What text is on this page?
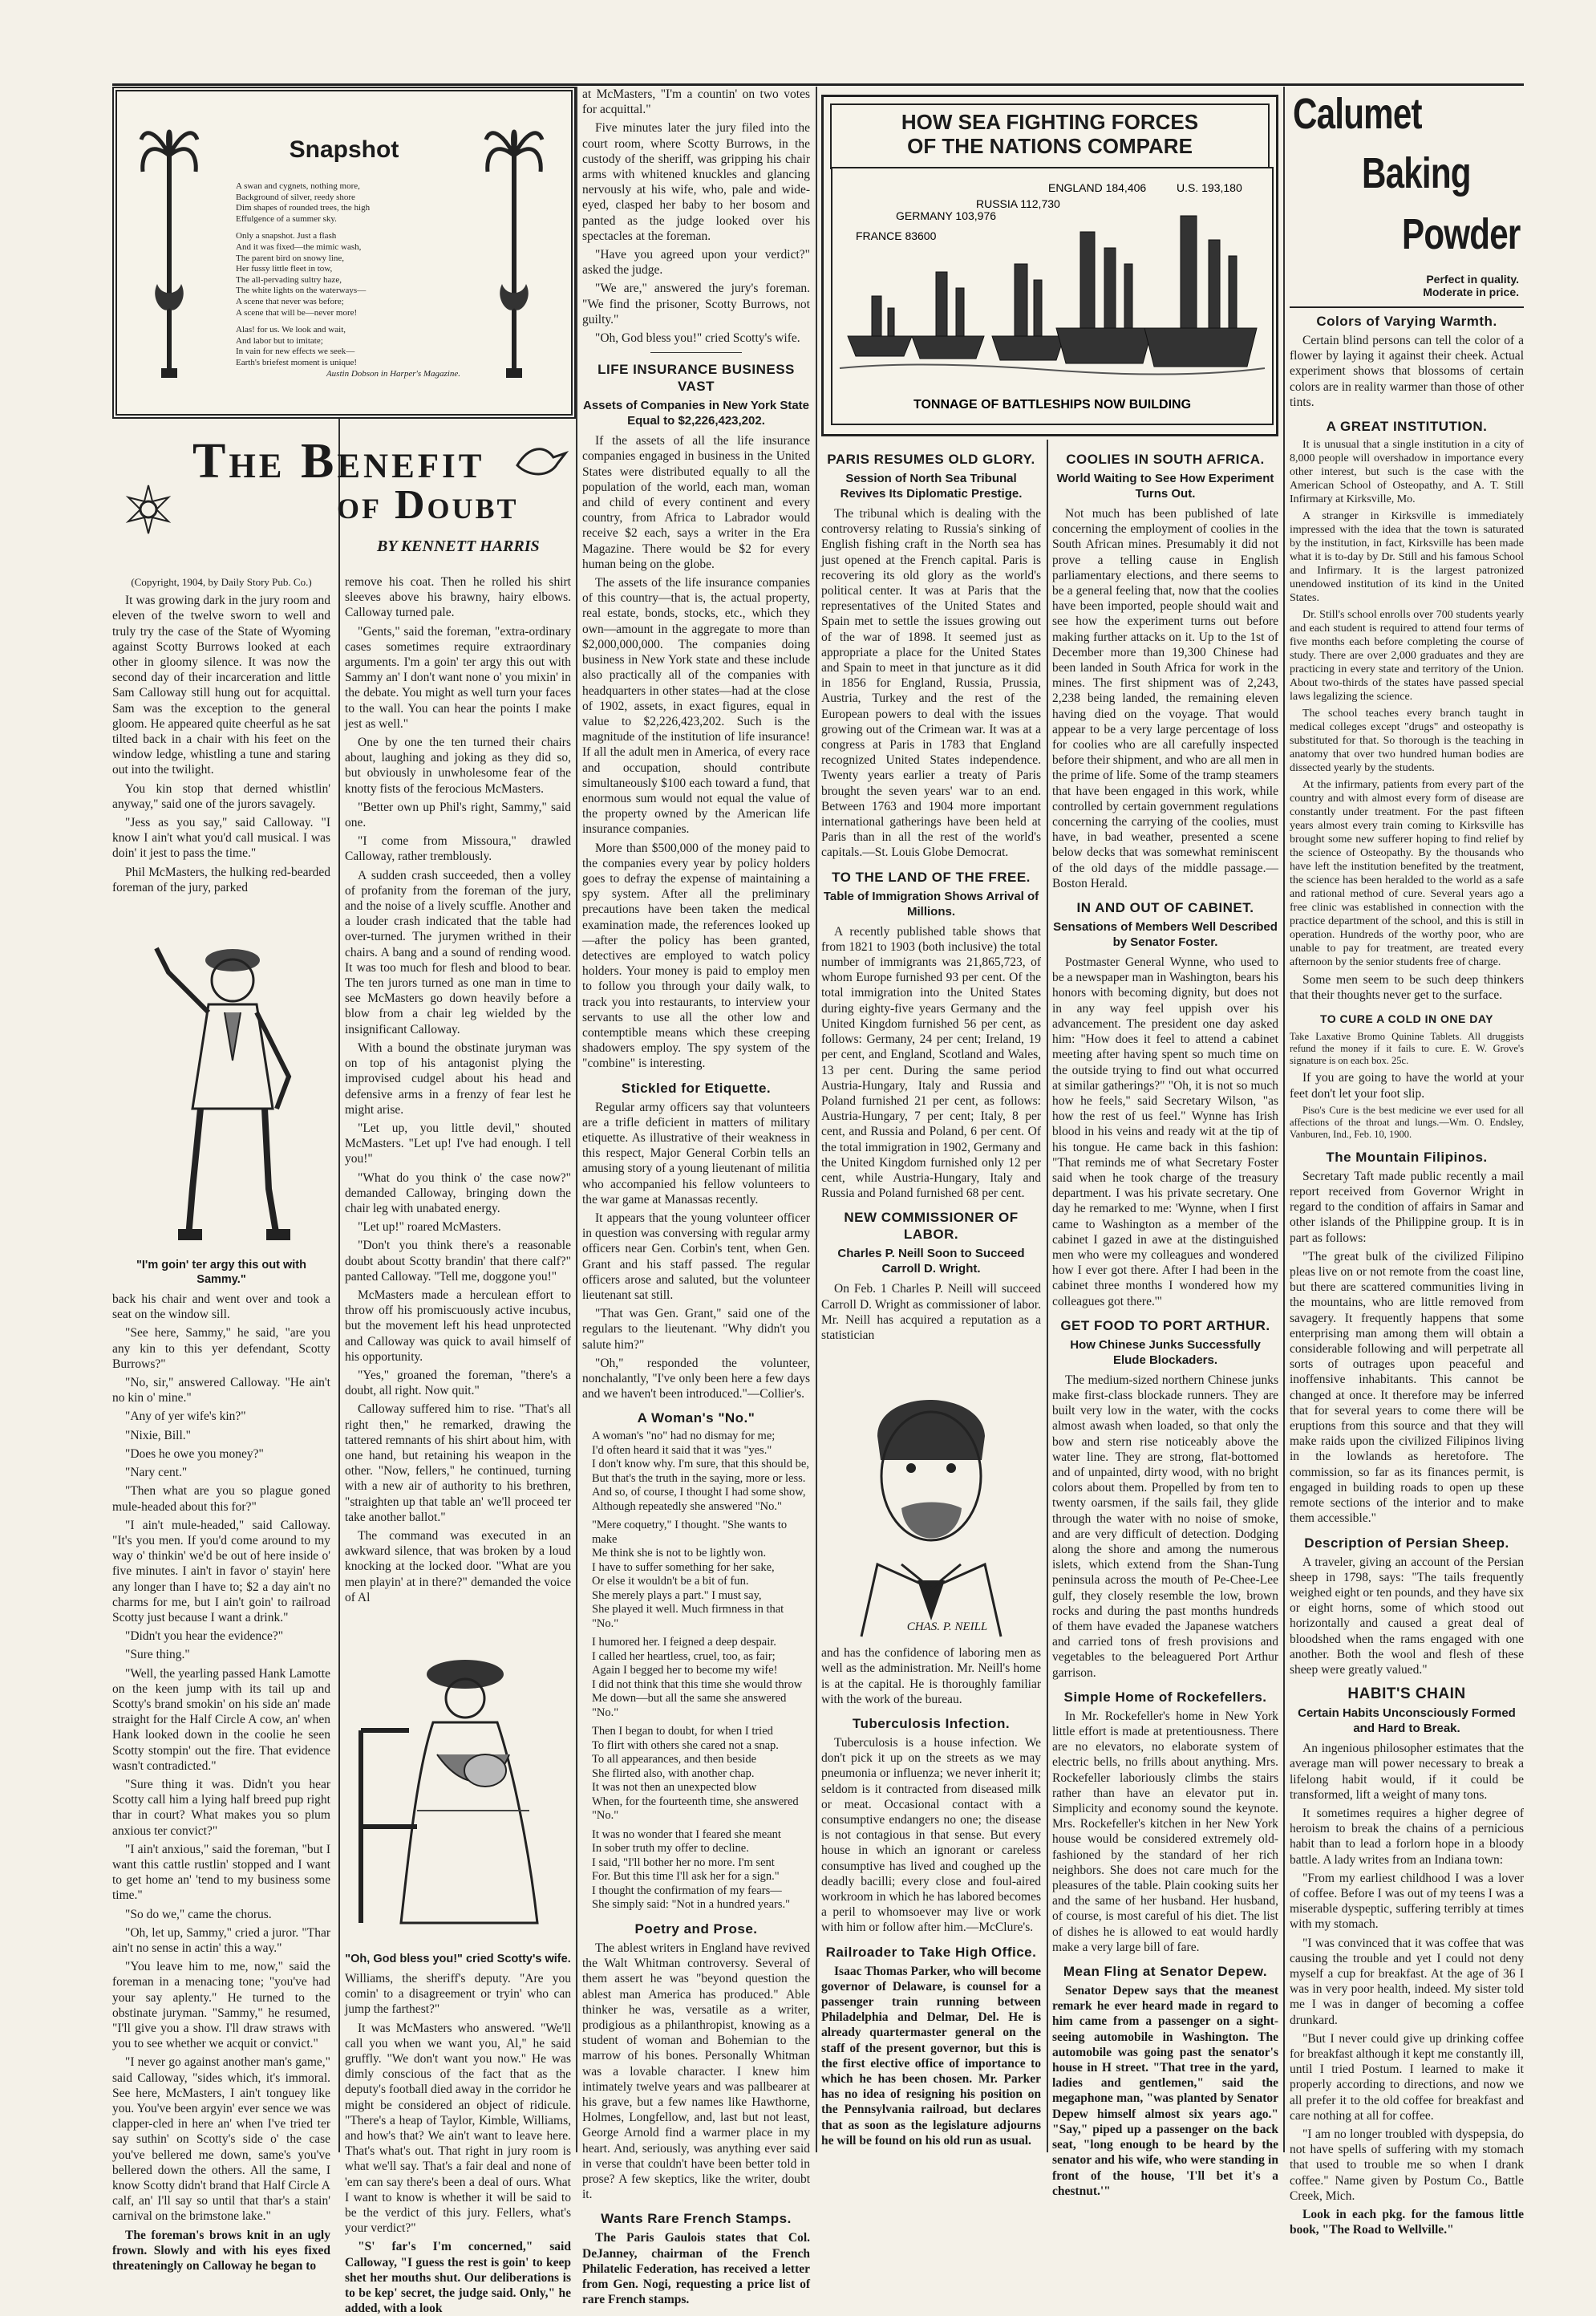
Snapshot
A swan and cygnets, nothing more,
Background of silver, reedy shore
Dim shapes of rounded trees, the high
Effulgence of a summer sky.
Only a snapshot. Just a flash
And it was fixed—the mimic wash,
The parent bird on snowy line,
Her fussy little fleet in tow,
The all-pervading sultry haze,
The white lights on the waterways—
A scene that never was before;
A scene that will be—never more!
Alas! for us. We look and wait,
And labor but to imitate;
In vain for new effects we seek—
Earth's briefest moment is unique!
Austin Dobson in Harper's Magazine.
The Benefit
of Doubt
BY KENNETT HARRIS

(Copyright, 1904, by Daily Story Pub. Co.)

It was growing dark in the jury room and eleven of the twelve sworn to well and truly try the case of the State of Wyoming against Scotty Burrows looked at each other in gloomy silence. It was now the second day of their incarceration and little Sam Calloway still hung out for acquittal. Sam was the exception to the general gloom. He appeared quite cheerful as he sat tilted back in a chair with his feet on the window ledge, whistling a tune and staring out into the twilight.

You kin stop that derned whistlin' anyway," said one of the jurors savagely.

"Jess as you say," said Calloway. "I know I ain't what you'd call musical. I was doin' it jest to pass the time."

Phil McMasters, the hulking red-bearded foreman of the jury, parked

"I'm goin' ter argy this out with Sammy."

back his chair and went over and took a seat on the window sill.

"See here, Sammy," he said, "are you any kin to this yer defendant, Scotty Burrows?"

"No, sir," answered Calloway. "He ain't no kin o' mine."

"Any of yer wife's kin?"

"Nixie, Bill."

"Does he owe you money?"

"Nary cent."

"Then what are you so plague goned mule-headed about this for?"

"I ain't mule-headed," said Calloway. "It's you men. If you'd come around to my way o' thinkin' we'd be out of here inside o' five minutes. I ain't in favor o' stayin' here any longer than I have to; $2 a day ain't no charms for me, but I ain't goin' to railroad Scotty just because I want a drink."

"Didn't you hear the evidence?"

"Sure thing."

"Well, the yearling passed Hank Lamotte on the keen jump with its tail up and Scotty's brand smokin' on his side an' made straight for the Half Circle A cow, an' when Hank looked down in the coolie he seen Scotty stompin' out the fire. That evidence wasn't contradicted."

"Sure thing it was. Didn't you hear Scotty call him a lying half breed pup right thar in court? What makes you so plum anxious ter convict?"

"I ain't anxious," said the foreman, "but I want this cattle rustlin' stopped and I want to get home an' 'tend to my business some time."

"So do we," came the chorus.

"Oh, let up, Sammy," cried a juror. "Thar ain't no sense in actin' this a way."

"You leave him to me, now," said the foreman in a menacing tone; "you've had your say aplenty." He turned to the obstinate juryman. "Sammy," he resumed, "I'll give you a show. I'll draw straws with you to see whether we acquit or convict."

"I never go against another man's game," said Calloway, "sides which, it's immoral. See here, McMasters, I ain't tonguey like you. You've been argyin' ever sence we was clapper-cled in here an' when I've tried ter say suthin' on Scotty's side o' the case you've bellered me down, same's you've bellered down the others. All the same, I know Scotty didn't brand that Half Circle A calf, an' I'll say so until that thar's a stain' carnival on the brimstone lake."

The foreman's brows knit in an ugly frown. Slowly and with his eyes fixed threateningly on Calloway he began to

remove his coat. Then he rolled his shirt sleeves above his brawny, hairy elbows. Calloway turned pale.

"Gents," said the foreman, "extra-ordinary cases sometimes require extraordinary arguments. I'm a goin' ter argy this out with Sammy an' I don't want none o' you mixin' in the debate. You might as well turn your faces to the wall. You can hear the points I make jest as well."

One by one the ten turned their chairs about, laughing and joking as they did so, but obviously in unwholesome fear of the knotty fists of the ferocious McMasters.

"Better own up Phil's right, Sammy," said one.

"I come from Missoura," drawled Calloway, rather tremblously.

A sudden crash succeeded, then a volley of profanity from the foreman of the jury, and the noise of a lively scuffle. Another and a louder crash indicated that the table had over-turned. The jurymen writhed in their chairs. A bang and a sound of rending wood. It was too much for flesh and blood to bear. The ten jurors turned as one man in time to see McMasters go down heavily before a blow from a chair leg wielded by the insignificant Calloway.

With a bound the obstinate juryman was on top of his antagonist plying the improvised cudgel about his head and defensive arms in a frenzy of fear lest he might arise.

"Let up, you little devil," shouted McMasters. "Let up! I've had enough. I tell you!"

"What do you think o' the case now?" demanded Calloway, bringing down the chair leg with unabated energy.

"Let up!" roared McMasters.

"Don't you think there's a reasonable doubt about Scotty brandin' that there calf?" panted Calloway. "Tell me, doggone you!"

McMasters made a herculean effort to throw off his promiscuously active incubus, but the movement left his head unprotected and Calloway was quick to avail himself of his opportunity.

"Yes," groaned the foreman, "there's a doubt, all right. Now quit."

Calloway suffered him to rise. "That's all right then," he remarked, drawing the tattered remnants of his shirt about him, with one hand, but retaining his weapon in the other. "Now, fellers," he continued, turning with a new air of authority to his brethren, "straighten up that table an' we'll proceed ter take another ballot."

The command was executed in an awkward silence, that was broken by a loud knocking at the locked door. "What are you men playin' at in there?" demanded the voice of Al

"Oh, God bless you!" cried Scotty's wife.

Williams, the sheriff's deputy. "Are you comin' to a disagreement or tryin' who can jump the farthest?"

It was McMasters who answered. "We'll call you when we want you, Al," he said gruffly. "We don't want you now." He was dimly conscious of the fact that as the deputy's football died away in the corridor he might be considered an object of ridicule. "There's a heap of Taylor, Kimble, Williams, and how's that? We ain't want to leave here. That's what's out. That right in jury room is what we'll say. That's a fair deal and none of 'em can say there's been a deal of ours. What I want to know is whether it will be said to be the verdict of this jury. Fellers, what's your verdict?"

"S' far's I'm concerned," said Calloway, "I guess the rest is goin' to keep shet her mouths shut. Our deliberations is to be kep' secret, the judge said. Only," he added, with a look

at McMasters, "I'm a countin' on two votes for acquittal."

Five minutes later the jury filed into the court room, where Scotty Burrows, in the custody of the sheriff, was gripping his chair arms with whitened knuckles and glancing nervously at his wife, who, pale and wide-eyed, clasped her baby to her bosom and panted as the judge looked over his spectacles at the foreman.

"Have you agreed upon your verdict?" asked the judge.

"We are," answered the jury's foreman. "We find the prisoner, Scotty Burrows, not guilty."

"Oh, God bless you!" cried Scotty's wife.

LIFE INSURANCE BUSINESS VAST
Assets of Companies in New York State Equal to $2,226,423,202.

If the assets of all the life insurance companies engaged in business in the United States were distributed equally to all the population of the world, each man, woman and child of every continent and every country, from Africa to Labrador would receive $2 each, says a writer in the Era Magazine. There would be $2 for every human being on the globe.

The assets of the life insurance companies of this country—that is, the actual property, real estate, bonds, stocks, etc., which they own—amount in the aggregate to more than $2,000,000,000. The companies doing business in New York state and these include also practically all of the companies with headquarters in other states—had at the close of 1902, assets, in exact figures, equal in value to $2,226,423,202. Such is the magnitude of the institution of life insurance! If all the adult men in America, of every race and occupation, should contribute simultaneously $100 each toward a fund, that enormous sum would not equal the value of the property owned by the American life insurance companies.

More than $500,000 of the money paid to the companies every year by policy holders goes to defray the expense of maintaining a spy system. After all the preliminary precautions have been taken the medical examination made, the references looked up—after the policy has been granted, detectives are employed to watch policy holders. Your money is paid to employ men to follow you through your daily walk, to track you into restaurants, to interview your servants to use all the other low and contemptible means which these creeping shadowers employ. The spy system of the "combine" is interesting.

Stickled for Etiquette.

Regular army officers say that volunteers are a trifle deficient in matters of military etiquette. As illustrative of their weakness in this respect, Major General Corbin tells an amusing story of a young lieutenant of militia who accompanied his fellow volunteers to the war game at Manassas recently.

It appears that the young volunteer officer in question was conversing with regular army officers near Gen. Corbin's tent, when Gen. Grant and his staff passed. The regular officers arose and saluted, but the volunteer lieutenant sat still.

"That was Gen. Grant," said one of the regulars to the lieutenant. "Why didn't you salute him?"

"Oh," responded the volunteer, nonchalantly, "I've only been here a few days and we haven't been introduced."—Collier's.

A Woman's "No."
A woman's "no" had no dismay for me;
I'd often heard it said that it was "yes."
I don't know why. I'm sure, that this should be,
But that's the truth in the saying, more or less.
And so, of course, I thought I had some show,
Although repeatedly she answered "No."
"Mere coquetry," I thought. "She wants to make
Me think she is not to be lightly won.
I have to suffer something for her sake,
Or else it wouldn't be a bit of fun.
She merely plays a part." I must say,
She played it well. Much firmness in that "No."
I humored her. I feigned a deep despair.
I called her heartless, cruel, too, as fair;
Again I begged her to become my wife!
I did not think that this time she would throw
Me down—but all the same she answered "No."
Then I began to doubt, for when I tried
To flirt with others she cared not a snap.
To all appearances, and then beside
She flirted also, with another chap.
It was not then an unexpected blow
When, for the fourteenth time, she answered "No."
It was no wonder that I feared she meant
In sober truth my offer to decline.
I said, "I'll bother her no more. I'm sent
For. But this time I'll ask her for a sign."
I thought the confirmation of my fears—
She simply said: "Not in a hundred years."
Poetry and Prose.

The ablest writers in England have revived the Walt Whitman controversy. Several of them assert he was "beyond question the ablest man America has produced." Able thinker he was, versatile as a writer, prodigious as a philanthropist, knowing as a student of woman and Bohemian to the marrow of his bones. Personally Whitman was a lovable character. I knew him intimately twelve years and was pallbearer at his grave, but a few names like Hawthorne, Holmes, Longfellow, and, last but not least, George Arnold find a warmer place in my heart. And, seriously, was anything ever said in verse that couldn't have been better told in prose? A few skeptics, like the writer, doubt it.

Wants Rare French Stamps.

The Paris Gaulois states that Col. DeJanney, chairman of the French Philatelic Federation, has received a letter from Gen. Nogi, requesting a price list of rare French stamps.

HOW SEA FIGHTING FORCES
OF THE NATIONS COMPARE
FRANCE 83600
GERMANY 103,976
RUSSIA 112,730
ENGLAND 184,406	U.S. 193,180
TONNAGE OF BATTLESHIPS NOW BUILDING
PARIS RESUMES OLD GLORY.
Session of North Sea Tribunal Revives Its Diplomatic Prestige.

The tribunal which is dealing with the controversy relating to Russia's sinking of English fishing craft in the North sea has just opened at the French capital. Paris is recovering its old glory as the world's political center. It was at Paris that the representatives of the United States and Spain met to settle the issues growing out of the war of 1898. It seemed just as appropriate a place for the United States and Spain to meet in that juncture as it did in 1856 for England, Russia, Prussia, Austria, Turkey and the rest of the European powers to deal with the issues growing out of the Crimean war. It was at a congress at Paris in 1783 that England recognized United States independence. Twenty years earlier a treaty of Paris brought the seven years' war to an end. Between 1763 and 1904 more important international gatherings have been held at Paris than in all the rest of the world's capitals.—St. Louis Globe Democrat.

TO THE LAND OF THE FREE.
Table of Immigration Shows Arrival of Millions.

A recently published table shows that from 1821 to 1903 (both inclusive) the total number of immigrants was 21,865,723, of whom Europe furnished 93 per cent. Of the total immigration into the United States during eighty-five years Germany and the United Kingdom furnished 56 per cent, as follows: Germany, 24 per cent; Ireland, 19 per cent, and England, Scotland and Wales, 13 per cent. During the same period Austria-Hungary, Italy and Russia and Poland furnished 21 per cent, as follows: Austria-Hungary, 7 per cent; Italy, 8 per cent, and Russia and Poland, 6 per cent. Of the total immigration in 1902, Germany and the United Kingdom furnished only 12 per cent, while Austria-Hungary, Italy and Russia and Poland furnished 68 per cent.

NEW COMMISSIONER OF LABOR.
Charles P. Neill Soon to Succeed Carroll D. Wright.

On Feb. 1 Charles P. Neill will succeed Carroll D. Wright as commissioner of labor. Mr. Neill has acquired a reputation as a statistician

CHAS. P. NEILL

and has the confidence of laboring men as well as the administration. Mr. Neill's home is at the capital. He is thoroughly familiar with the work of the bureau.

Tuberculosis Infection.

Tuberculosis is a house infection. We don't pick it up on the streets as we may pneumonia or influenza; we never inherit it; seldom is it contracted from diseased milk or meat. Occasional contact with a consumptive endangers no one; the disease is not contagious in that sense. But every house in which an ignorant or careless consumptive has lived and coughed up the deadly bacilli; every close and foul-aired workroom in which he has labored becomes a peril to whomsoever may live or work with him or follow after him.—McClure's.

Railroader to Take High Office.

Isaac Thomas Parker, who will become governor of Delaware, is counsel for a passenger train running between Philadelphia and Delmar, Del. He is already quartermaster general on the staff of the present governor, but this is the first elective office of importance to which he has been chosen. Mr. Parker has no idea of resigning his position on the Pennsylvania railroad, but declares that as soon as the legislature adjourns he will be found on his old run as usual.

COOLIES IN SOUTH AFRICA.
World Waiting to See How Experiment Turns Out.

Not much has been published of late concerning the employment of coolies in the South African mines. Presumably it did not prove a telling cause in English parliamentary elections, and there seems to be a general feeling that, now that the coolies have been imported, people should wait and see how the experiment turns out before making further attacks on it. Up to the 1st of December more than 19,300 Chinese had been landed in South Africa for work in the mines. The first shipment was of 2,243, 2,238 being landed, the remaining eleven having died on the voyage. That would appear to be a very large percentage of loss for coolies who are all carefully inspected before their shipment, and who are all men in the prime of life. Some of the tramp steamers that have been engaged in this work, while controlled by certain government regulations concerning the carrying of the coolies, must have, in bad weather, presented a scene below decks that was somewhat reminiscent of the old days of the middle passage.—Boston Herald.

IN AND OUT OF CABINET.
Sensations of Members Well Described by Senator Foster.

Postmaster General Wynne, who used to be a newspaper man in Washington, bears his honors with becoming dignity, but does not in any way feel uppish over his advancement. The president one day asked him: "How does it feel to attend a cabinet meeting after having spent so much time on the outside trying to find out what occurred at similar gatherings?" "Oh, it is not so much how he feels," said Secretary Wilson, "as how the rest of us feel." Wynne has Irish blood in his veins and ready wit at the tip of his tongue. He came back in this fashion: "That reminds me of what Secretary Foster said when he took charge of the treasury department. I was his private secretary. One day he remarked to me: 'Wynne, when I first came to Washington as a member of the cabinet I gazed in awe at the distinguished men who were my colleagues and wondered how I ever got there. After I had been in the cabinet three months I wondered how my colleagues got there.'"

GET FOOD TO PORT ARTHUR.
How Chinese Junks Successfully Elude Blockaders.

The medium-sized northern Chinese junks make first-class blockade runners. They are built very low in the water, with the cocks almost awash when loaded, so that only the bow and stern rise noticeably above the water line. They are strong, flat-bottomed and of unpainted, dirty wood, with no bright colors about them. Propelled by from ten to twenty oarsmen, if the sails fail, they glide through the water with no noise of smoke, and are very difficult of detection. Dodging along the shore and among the numerous islets, which extend from the Shan-Tung peninsula across the mouth of Pe-Chee-Lee gulf, they closely resemble the low, brown rocks and during the past months hundreds of them have evaded the Japanese watchers and carried tons of fresh provisions and vegetables to the beleaguered Port Arthur garrison.

Simple Home of Rockefellers.

In Mr. Rockefeller's home in New York little effort is made at pretentiousness. There are no elevators, no elaborate system of electric bells, no frills about anything. Mrs. Rockefeller laboriously climbs the stairs rather than have an elevator put in. Simplicity and economy sound the keynote. Mrs. Rockefeller's kitchen in her New York house would be considered extremely old-fashioned by the standard of her rich neighbors. She does not care much for the pleasures of the table. Plain cooking suits her and the same of her husband. Her husband, of course, is most careful of his diet. The list of dishes he is allowed to eat would hardly make a very large bill of fare.

Mean Fling at Senator Depew.

Senator Depew says that the meanest remark he ever heard made in regard to him came from a passenger on a sight-seeing automobile in Washington. The automobile was going past the senator's house in H street. "That tree in the yard, ladies and gentlemen," said the megaphone man, "was planted by Senator Depew himself almost six years ago." "Say," piped up a passenger on the back seat, "long enough to be heard by the senator and his wife, who were standing in front of the house, 'I'll bet it's a chestnut.'"

Calumet
Baking
Powder
Perfect in quality.
Moderate in price.
Colors of Varying Warmth.

Certain blind persons can tell the color of a flower by laying it against their cheek. Actual experiment shows that blossoms of certain colors are in reality warmer than those of other tints.

A GREAT INSTITUTION.

It is unusual that a single institution in a city of 8,000 people will overshadow in importance every other interest, but such is the case with the American School of Osteopathy, and A. T. Still Infirmary at Kirksville, Mo.

A stranger in Kirksville is immediately impressed with the idea that the town is saturated by the institution, in fact, Kirksville has been made what it is to-day by Dr. Still and his famous School and Infirmary. It is the largest patronized unendowed institution of its kind in the United States.

Dr. Still's school enrolls over 700 students yearly and each student is required to attend four terms of five months each before completing the course of study. There are over 2,000 graduates and they are practicing in every state and territory of the Union. About two-thirds of the states have passed special laws legalizing the science.

The school teaches every branch taught in medical colleges except "drugs" and osteopathy is substituted for that. So thorough is the teaching in anatomy that over two hundred human bodies are dissected yearly by the students.

At the infirmary, patients from every part of the country and with almost every form of disease are constantly under treatment. For the past fifteen years almost every train coming to Kirksville has brought some new sufferer hoping to find relief by the science of Osteopathy. By the thousands who have left the institution benefited by the treatment, the science has been heralded to the world as a safe and rational method of cure. Several years ago a free clinic was established in connection with the practice department of the school, and this is still in operation. Hundreds of the worthy poor, who are unable to pay for treatment, are treated every afternoon by the senior students free of charge.

Some men seem to be such deep thinkers that their thoughts never get to the surface.

TO CURE A COLD IN ONE DAY

Take Laxative Bromo Quinine Tablets. All druggists refund the money if it fails to cure. E. W. Grove's signature is on each box. 25c.

If you are going to have the world at your feet don't let your foot slip.

Piso's Cure is the best medicine we ever used for all affections of the throat and lungs.—Wm. O. Endsley, Vanburen, Ind., Feb. 10, 1900.

The Mountain Filipinos.

Secretary Taft made public recently a mail report received from Governor Wright in regard to the condition of affairs in Samar and other islands of the Philippine group. It is in part as follows:

"The great bulk of the civilized Filipino pleas live on or not remote from the coast line, but there are scattered communities living in the mountains, who are little removed from savagery. It frequently happens that some enterprising man among them will obtain a considerable following and will perpetrate all sorts of outrages upon peaceful and inoffensive inhabitants. This cannot be changed at once. It therefore may be inferred that for several years to come there will be eruptions from this source and that they will make raids upon the civilized Filipinos living in the lowlands as heretofore. The commission, so far as its finances permit, is engaged in building roads to open up these remote sections of the interior and to make them accessible."

Description of Persian Sheep.

A traveler, giving an account of the Persian sheep in 1798, says: "The tails frequently weighed eight or ten pounds, and they have six or eight horns, some of which stood out horizontally and caused a great deal of bloodshed when the rams engaged with one another. Both the wool and flesh of these sheep were greatly valued."

HABIT'S CHAIN
Certain Habits Unconsciously Formed and Hard to Break.

An ingenious philosopher estimates that the average man will power necessary to break a lifelong habit would, if it could be transformed, lift a weight of many tons.

It sometimes requires a higher degree of heroism to break the chains of a pernicious habit than to lead a forlorn hope in a bloody battle. A lady writes from an Indiana town:

"From my earliest childhood I was a lover of coffee. Before I was out of my teens I was a miserable dyspeptic, suffering terribly at times with my stomach.

"I was convinced that it was coffee that was causing the trouble and yet I could not deny myself a cup for breakfast. At the age of 36 I was in very poor health, indeed. My sister told me I was in danger of becoming a coffee drunkard.

"But I never could give up drinking coffee for breakfast although it kept me constantly ill, until I tried Postum. I learned to make it properly according to directions, and now we all prefer it to the old coffee for breakfast and care nothing at all for coffee.

"I am no longer troubled with dyspepsia, do not have spells of suffering with my stomach that used to trouble me so when I drank coffee." Name given by Postum Co., Battle Creek, Mich.

Look in each pkg. for the famous little book, "The Road to Wellville."
